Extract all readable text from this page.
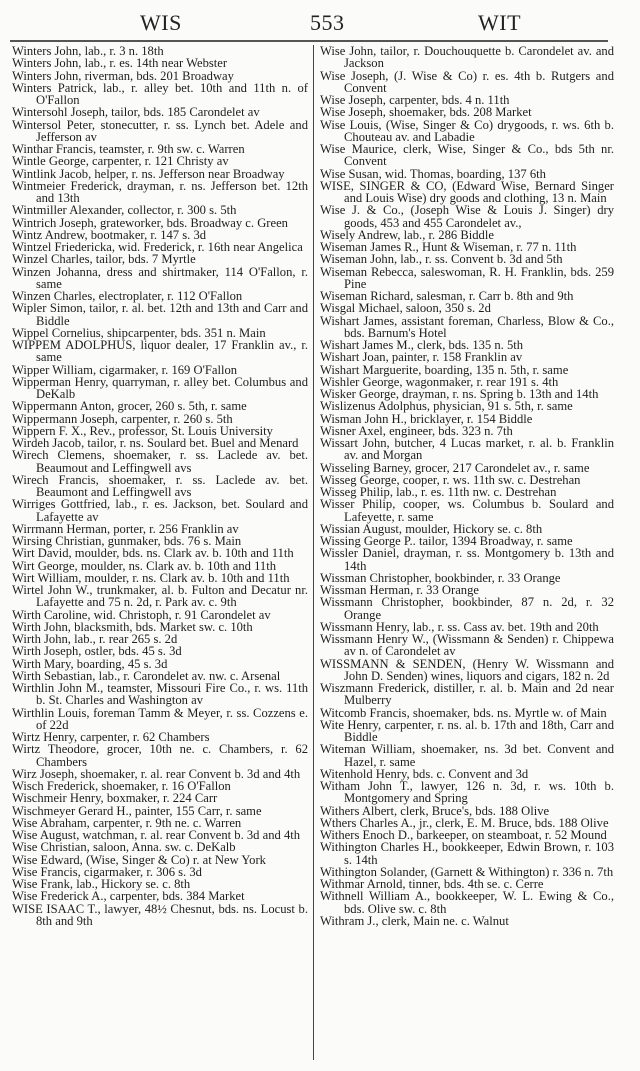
WIS	553	WIT

Winters John, lab., r. 3 n. 18th

Winters John, lab., r. es. 14th near Webster

Winters John, riverman, bds. 201 Broadway

Winters Patrick, lab., r. alley bet. 10th and 11th n. of O'Fallon

Wintersohl Joseph, tailor, bds. 185 Carondelet av

Wintersol Peter, stonecutter, r. ss. Lynch bet. Adele and Jefferson av

Winthar Francis, teamster, r. 9th sw. c. Warren

Wintle George, carpenter, r. 121 Christy av

Wintlink Jacob, helper, r. ns. Jefferson near Broadway

Wintmeier Frederick, drayman, r. ns. Jefferson bet. 12th and 13th

Wintmiller Alexander, collector, r. 300 s. 5th

Wintrich Joseph, grateworker, bds. Broadway c. Green

Wintz Andrew, bootmaker, r. 147 s. 3d

Wintzel Friedericka, wid. Frederick, r. 16th near Angelica

Winzel Charles, tailor, bds. 7 Myrtle

Winzen Johanna, dress and shirtmaker, 114 O'Fallon, r. same

Winzen Charles, electroplater, r. 112 O'Fallon

Wipler Simon, tailor, r. al. bet. 12th and 13th and Carr and Biddle

Wippel Cornelius, shipcarpenter, bds. 351 n. Main

WIPPEM ADOLPHUS, liquor dealer, 17 Franklin av., r. same

Wipper William, cigarmaker, r. 169 O'Fallon

Wipperman Henry, quarryman, r. alley bet. Columbus and DeKalb

Wippermann Anton, grocer, 260 s. 5th, r. same

Wippermann Joseph, carpenter, r. 260 s. 5th

Wippern F. X., Rev., professor, St. Louis University

Wirdeh Jacob, tailor, r. ns. Soulard bet. Buel and Menard

Wirech Clemens, shoemaker, r. ss. Laclede av. bet. Beaumout and Leffingwell avs

Wirech Francis, shoemaker, r. ss. Laclede av. bet. Beaumont and Leffingwell avs

Wirriges Gottfried, lab., r. es. Jackson, bet. Soulard and Lafayette av

Wirrmann Herman, porter, r. 256 Franklin av

Wirsing Christian, gunmaker, bds. 76 s. Main

Wirt David, moulder, bds. ns. Clark av. b. 10th and 11th

Wirt George, moulder, ns. Clark av. b. 10th and 11th

Wirt William, moulder, r. ns. Clark av. b. 10th and 11th

Wirtel John W., trunkmaker, al. b. Fulton and Decatur nr. Lafayette and 75 n. 2d, r. Park av. c. 9th

Wirth Caroline, wid. Christoph, r. 91 Carondelet av

Wirth John, blacksmith, bds. Market sw. c. 10th

Wirth John, lab., r. rear 265 s. 2d

Wirth Joseph, ostler, bds. 45 s. 3d

Wirth Mary, boarding, 45 s. 3d

Wirth Sebastian, lab., r. Carondelet av. nw. c. Arsenal

Wirthlin John M., teamster, Missouri Fire Co., r. ws. 11th b. St. Charles and Washington av

Wirthlin Louis, foreman Tamm & Meyer, r. ss. Cozzens e. of 22d

Wirtz Henry, carpenter, r. 62 Chambers

Wirtz Theodore, grocer, 10th ne. c. Chambers, r. 62 Chambers

Wirz Joseph, shoemaker, r. al. rear Convent b. 3d and 4th

Wisch Frederick, shoemaker, r. 16 O'Fallon

Wischmeir Henry, boxmaker, r. 224 Carr

Wischmeyer Gerard H., painter, 155 Carr, r. same

Wise Abraham, carpenter, r. 9th ne. c. Warren

Wise August, watchman, r. al. rear Convent b. 3d and 4th

Wise Christian, saloon, Anna. sw. c. DeKalb

Wise Edward, (Wise, Singer & Co) r. at New York

Wise Francis, cigarmaker, r. 306 s. 3d

Wise Frank, lab., Hickory se. c. 8th

Wise Frederick A., carpenter, bds. 384 Market

WISE ISAAC T., lawyer, 48½ Chesnut, bds. ns. Locust b. 8th and 9th

Wise John, tailor, r. Douchouquette b. Carondelet av. and Jackson

Wise Joseph, (J. Wise & Co) r. es. 4th b. Rutgers and Convent

Wise Joseph, carpenter, bds. 4 n. 11th

Wise Joseph, shoemaker, bds. 208 Market

Wise Louis, (Wise, Singer & Co) drygoods, r. ws. 6th b. Chouteau av. and Labadie

Wise Maurice, clerk, Wise, Singer & Co., bds 5th nr. Convent

Wise Susan, wid. Thomas, boarding, 137 6th

WISE, SINGER & CO, (Edward Wise, Bernard Singer and Louis Wise) dry goods and clothing, 13 n. Main

Wise J. & Co., (Joseph Wise & Louis J. Singer) dry goods, 453 and 455 Carondelet av.,

Wisely Andrew, lab., r. 286 Biddle

Wiseman James R., Hunt & Wiseman, r. 77 n. 11th

Wiseman John, lab., r. ss. Convent b. 3d and 5th

Wiseman Rebecca, saleswoman, R. H. Franklin, bds. 259 Pine

Wiseman Richard, salesman, r. Carr b. 8th and 9th

Wisgal Michael, saloon, 350 s. 2d

Wishart James, assistant foreman, Charless, Blow & Co., bds. Barnum's Hotel

Wishart James M., clerk, bds. 135 n. 5th

Wishart Joan, painter, r. 158 Franklin av

Wishart Marguerite, boarding, 135 n. 5th, r. same

Wishler George, wagonmaker, r. rear 191 s. 4th

Wisker George, drayman, r. ns. Spring b. 13th and 14th

Wislizenus Adolphus, physician, 91 s. 5th, r. same

Wisman John H., bricklayer, r. 154 Biddle

Wisner Axel, engineer, bds. 323 n. 7th

Wissart John, butcher, 4 Lucas market, r. al. b. Franklin av. and Morgan

Wisseling Barney, grocer, 217 Carondelet av., r. same

Wisseg George, cooper, r. ws. 11th sw. c. Destrehan

Wisseg Philip, lab., r. es. 11th nw. c. Destrehan

Wisser Philip, cooper, ws. Columbus b. Soulard and Lafeyette, r. same

Wissian August, moulder, Hickory se. c. 8th

Wissing George P.. tailor, 1394 Broadway, r. same

Wissler Daniel, drayman, r. ss. Montgomery b. 13th and 14th

Wissman Christopher, bookbinder, r. 33 Orange

Wissman Herman, r. 33 Orange

Wissmann Christopher, bookbinder, 87 n. 2d, r. 32 Orange

Wissmann Henry, lab., r. ss. Cass av. bet. 19th and 20th

Wissmann Henry W., (Wissmann & Senden) r. Chippewa av n. of Carondelet av

WISSMANN & SENDEN, (Henry W. Wissmann and John D. Senden) wines, liquors and cigars, 182 n. 2d

Wiszmann Frederick, distiller, r. al. b. Main and 2d near Mulberry

Witcomb Francis, shoemaker, bds. ns. Myrtle w. of Main

Wite Henry, carpenter, r. ns. al. b. 17th and 18th, Carr and Biddle

Witeman William, shoemaker, ns. 3d bet. Convent and Hazel, r. same

Witenhold Henry, bds. c. Convent and 3d

Witham John T., lawyer, 126 n. 3d, r. ws. 10th b. Montgomery and Spring

Withers Albert, clerk, Bruce's, bds. 188 Olive

Wthers Charles A., jr., clerk, E. M. Bruce, bds. 188 Olive

Withers Enoch D., barkeeper, on steamboat, r. 52 Mound

Withington Charles H., bookkeeper, Edwin Brown, r. 103 s. 14th

Withington Solander, (Garnett & Withington) r. 336 n. 7th

Withmar Arnold, tinner, bds. 4th se. c. Cerre

Withnell William A., bookkeeper, W. L. Ewing & Co., bds. Olive sw. c. 8th

Withram J., clerk, Main ne. c. Walnut
